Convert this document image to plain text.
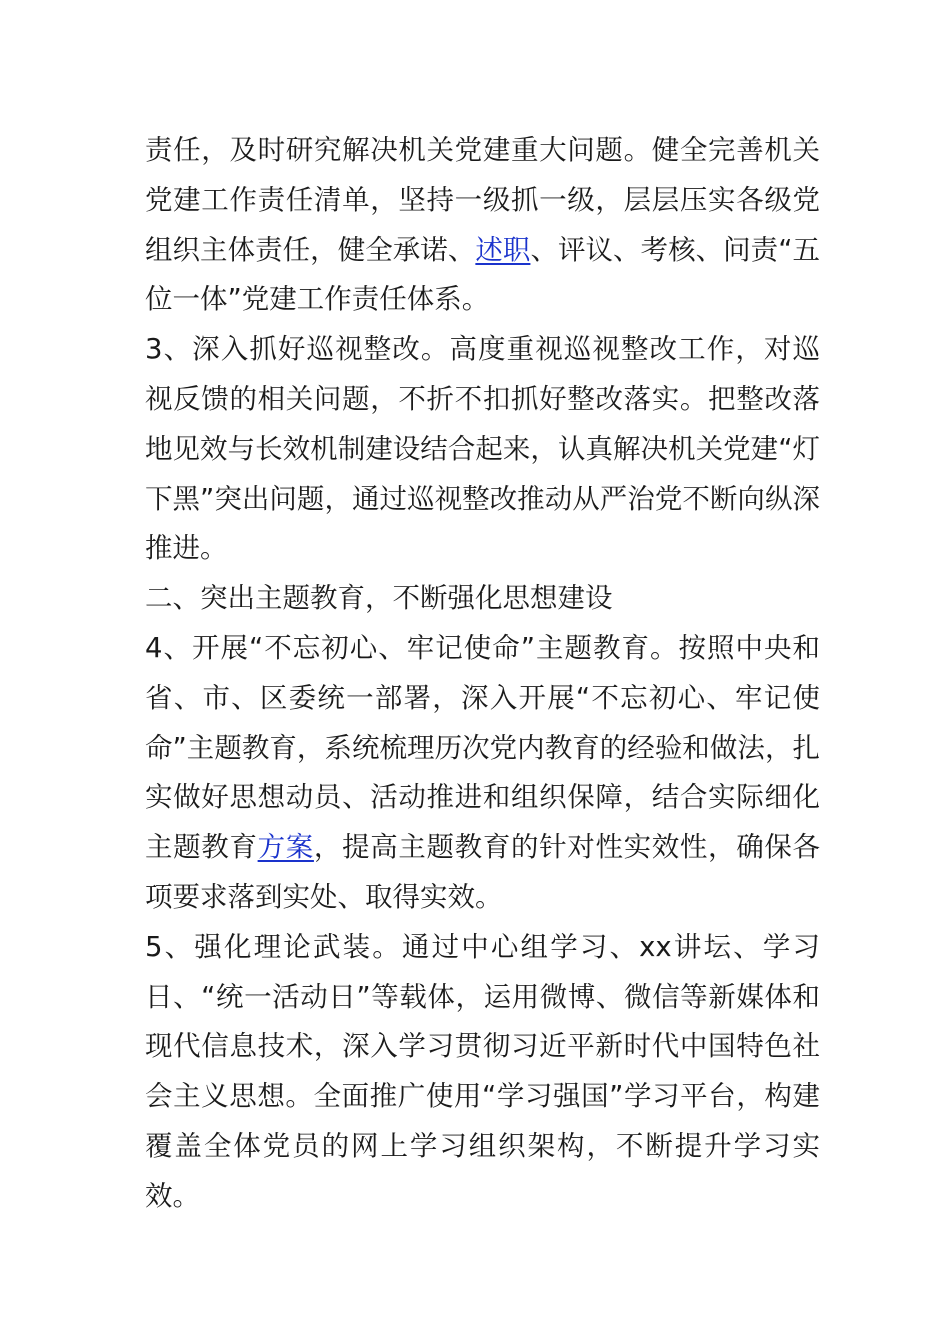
责任，及时研究解决机关党建重大问题。健全完善机关党建工作责任清单，坚持一级抓一级，层层压实各级党组织主体责任，健全承诺、述职、评议、考核、问责“五位一体”党建工作责任体系。

3、深入抓好巡视整改。高度重视巡视整改工作，对巡视反馈的相关问题，不折不扣抓好整改落实。把整改落地见效与长效机制建设结合起来，认真解决机关党建“灯下黑”突出问题，通过巡视整改推动从严治党不断向纵深推进。

二、突出主题教育，不断强化思想建设

4、开展“不忘初心、牢记使命”主题教育。按照中央和省、市、区委统一部署，深入开展“不忘初心、牢记使命”主题教育，系统梳理历次党内教育的经验和做法，扎实做好思想动员、活动推进和组织保障，结合实际细化主题教育方案，提高主题教育的针对性实效性，确保各项要求落到实处、取得实效。

5、强化理论武装。通过中心组学习、xx讲坛、学习日、“统一活动日”等载体，运用微博、微信等新媒体和现代信息技术，深入学习贯彻习近平新时代中国特色社会主义思想。全面推广使用“学习强国”学习平台，构建覆盖全体党员的网上学习组织架构，不断提升学习实效。
